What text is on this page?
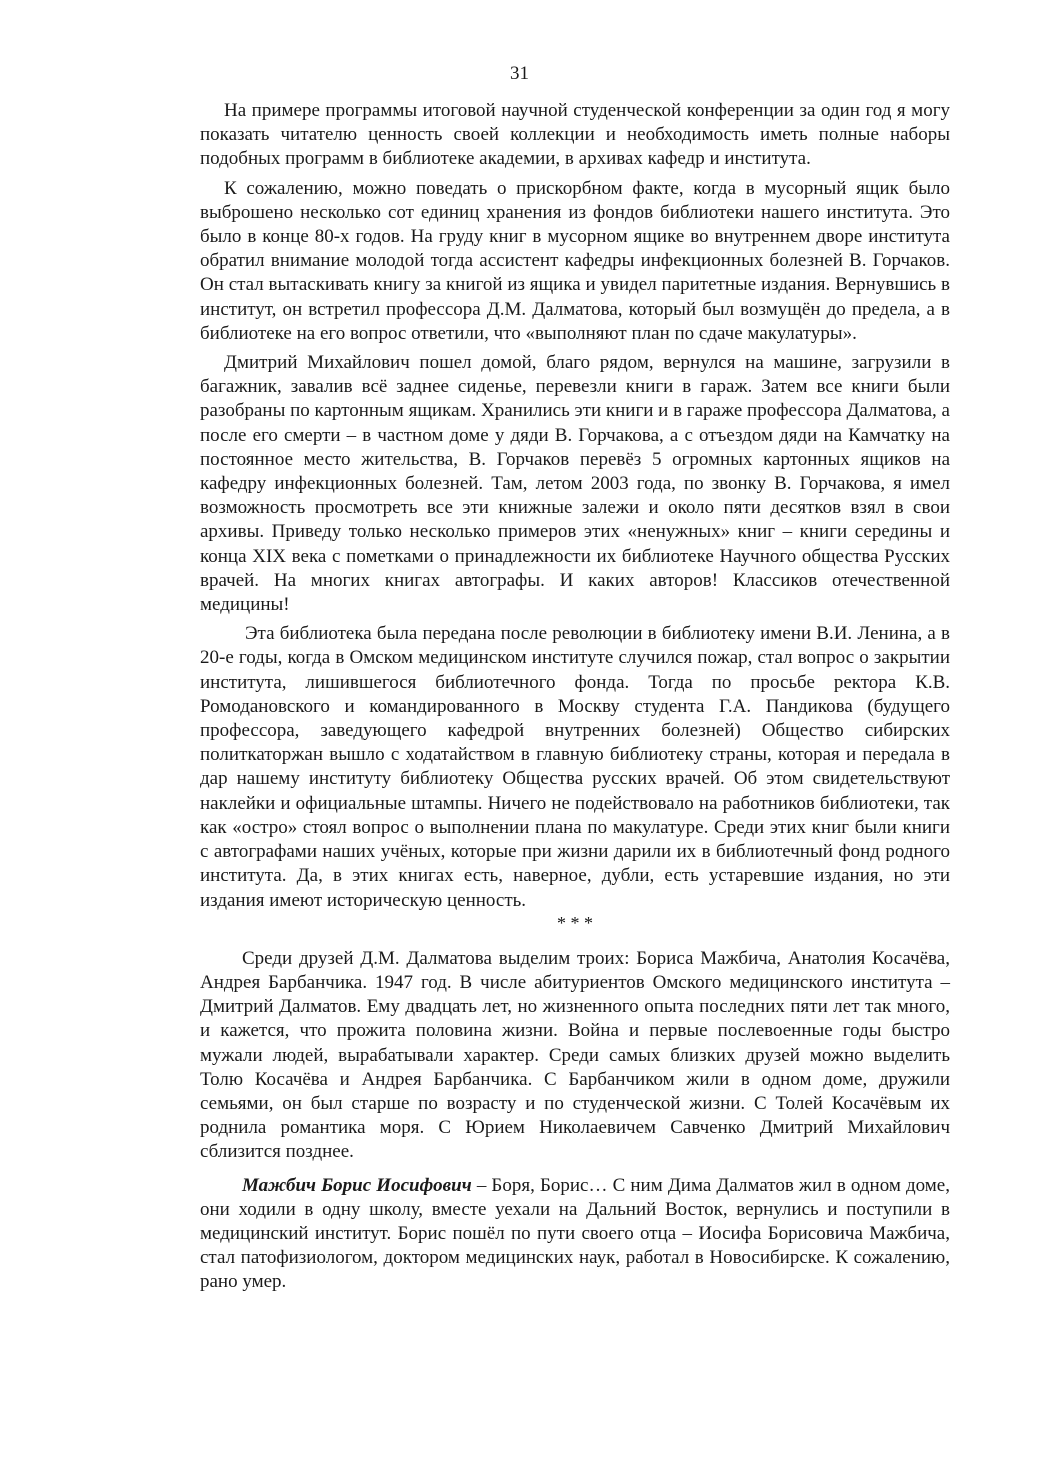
31

На примере программы итоговой научной студенческой конференции за один год я могу показать читателю ценность своей коллекции и необходимость иметь полные наборы подобных программ в библиотеке академии, в архивах кафедр и института.

К сожалению, можно поведать о прискорбном факте, когда в мусорный ящик было выброшено несколько сот единиц хранения из фондов библиотеки нашего института. Это было в конце 80-х годов. На груду книг в мусорном ящике во внутреннем дворе института обратил внимание молодой тогда ассистент кафедры инфекционных болезней В. Горчаков. Он стал вытаскивать книгу за книгой из ящика и увидел паритетные издания. Вернувшись в институт, он встретил профессора Д.М. Далматова, который был возмущён до предела, а в библиотеке на его вопрос ответили, что «выполняют план по сдаче макулатуры».

Дмитрий Михайлович пошел домой, благо рядом, вернулся на машине, загрузили в багажник, завалив всё заднее сиденье, перевезли книги в гараж. Затем все книги были разобраны по картонным ящикам. Хранились эти книги и в гараже профессора Далматова, а после его смерти – в частном доме у дяди В. Горчакова, а с отъездом дяди на Камчатку на постоянное место жительства, В. Горчаков перевёз 5 огромных картонных ящиков на кафедру инфекционных болезней. Там, летом 2003 года, по звонку В. Горчакова, я имел возможность просмотреть все эти книжные залежи и около пяти десятков взял в свои архивы. Приведу только несколько примеров этих «ненужных» книг – книги середины и конца XIX века с пометками о принадлежности их библиотеке Научного общества Русских врачей. На многих книгах автографы. И каких авторов! Классиков отечественной медицины!

Эта библиотека была передана после революции в библиотеку имени В.И. Ленина, а в 20-е годы, когда в Омском медицинском институте случился пожар, стал вопрос о закрытии института, лишившегося библиотечного фонда. Тогда по просьбе ректора К.В. Ромодановского и командированного в Москву студента Г.А. Пандикова (будущего профессора, заведующего кафедрой внутренних болезней) Общество сибирских политкаторжан вышло с ходатайством в главную библиотеку страны, которая и передала в дар нашему институту библиотеку Общества русских врачей. Об этом свидетельствуют наклейки и официальные штампы. Ничего не подействовало на работников библиотеки, так как «остро» стоял вопрос о выполнении плана по макулатуре. Среди этих книг были книги с автографами наших учёных, которые при жизни дарили их в библиотечный фонд родного института. Да, в этих книгах есть, наверное, дубли, есть устаревшие издания, но эти издания имеют историческую ценность.

* * *

Среди друзей Д.М. Далматова выделим троих: Бориса Мажбича, Анатолия Косачёва, Андрея Барбанчика. 1947 год. В числе абитуриентов Омского медицинского института – Дмитрий Далматов. Ему двадцать лет, но жизненного опыта последних пяти лет так много, и кажется, что прожита половина жизни. Война и первые послевоенные годы быстро мужали людей, вырабатывали характер. Среди самых близких друзей можно выделить Толю Косачёва и Андрея Барбанчика. С Барбанчиком жили в одном доме, дружили семьями, он был старше по возрасту и по студенческой жизни. С Толей Косачёвым их роднила романтика моря. С Юрием Николаевичем Савченко Дмитрий Михайлович сблизится позднее.

Мажбич Борис Иосифович – Боря, Борис… С ним Дима Далматов жил в одном доме, они ходили в одну школу, вместе уехали на Дальний Восток, вернулись и поступили в медицинский институт. Борис пошёл по пути своего отца – Иосифа Борисовича Мажбича, стал патофизиологом, доктором медицинских наук, работал в Новосибирске. К сожалению, рано умер.
